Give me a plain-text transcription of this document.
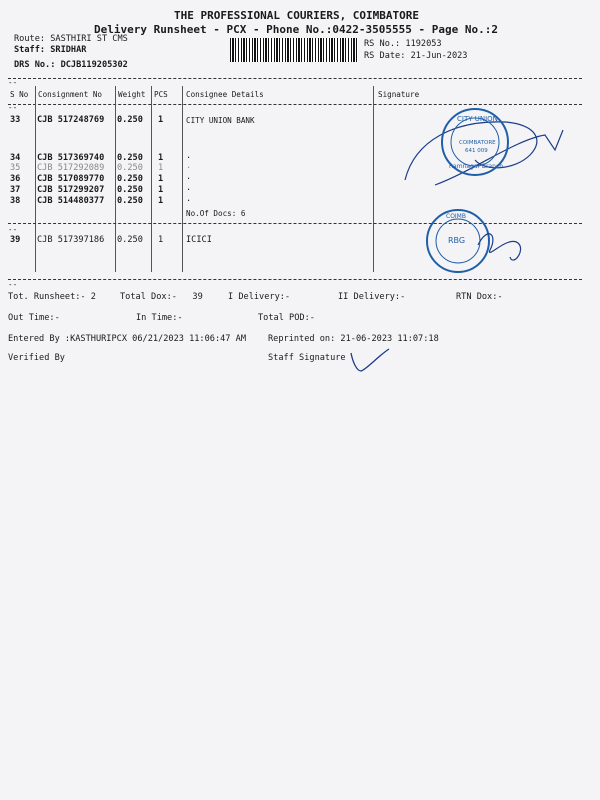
THE PROFESSIONAL COURIERS, COIMBATORE
Delivery Runsheet - PCX - Phone No.:0422-3505555 - Page No.:2
Route: SASTHIRI ST CMS
Staff: SRIDHAR
DRS No.: DCJB119205302
RS No.: 1192053
RS Date: 21-Jun-2023
--
S No Consignment No Weight PCS Consignee Details	Signature
--
33 CJB 517248769 0.250 1	CITY UNION BANK
34 CJB 517369740 0.250 1	.
35 CJB 517292089 0.250 1	.
36 CJB 517089770 0.250 1	.
37 CJB 517299207 0.250 1	.
38 CJB 514480377 0.250 1	.
No.Of Docs: 6
--
39 CJB 517397186 0.250 1	ICICI
--
Tot. Runsheet:- 2	Total Dox:-   39	I Delivery:-	II Delivery:-	RTN Dox:-
Out Time:-	In Time:-	Total POD:-
Entered By :KASTHURIPCX 06/21/2023 11:06:47 AM	Reprinted on: 21-06-2023 11:07:18
Verified By	Staff Signature
CITY UNION
COIMBATORE
641 009
Ramnagar Branch
COIMB
RBG
